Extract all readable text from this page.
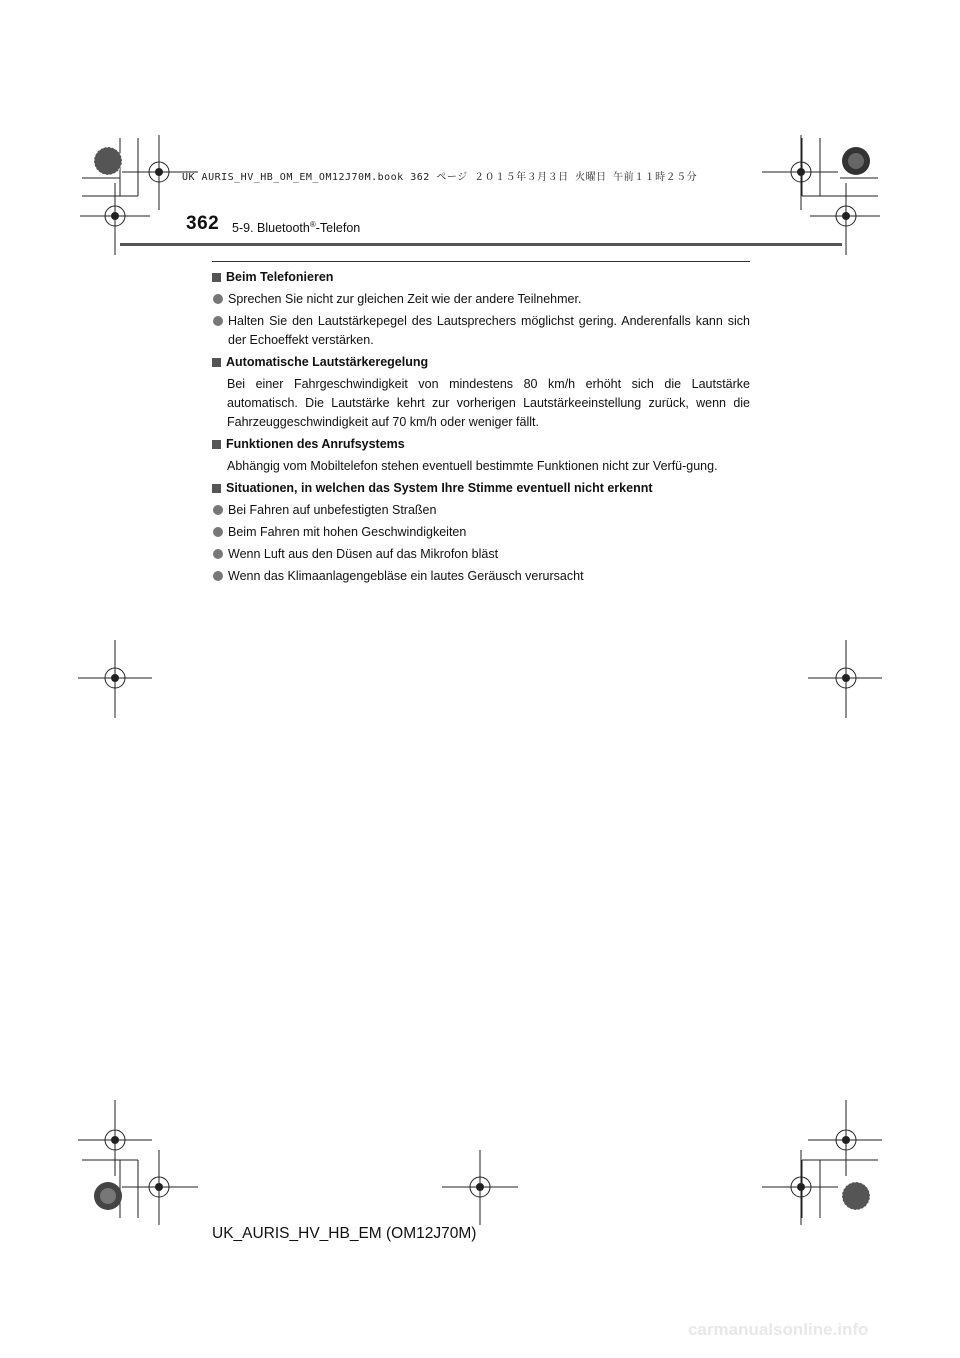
UK AURIS_HV_HB_OM_EM_OM12J70M.book 362 ページ ２０１５年３月３日 火曜日 午前１１時２５分
362 5-9. Bluetooth®-Telefon
Beim Telefonieren
Sprechen Sie nicht zur gleichen Zeit wie der andere Teilnehmer.
Halten Sie den Lautstärkepegel des Lautsprechers möglichst gering. Anderenfalls kann sich der Echoeffekt verstärken.
Automatische Lautstärkeregelung
Bei einer Fahrgeschwindigkeit von mindestens 80 km/h erhöht sich die Lautstärke automatisch. Die Lautstärke kehrt zur vorherigen Lautstärkeeinstellung zurück, wenn die Fahrzeuggeschwindigkeit auf 70 km/h oder weniger fällt.
Funktionen des Anrufsystems
Abhängig vom Mobiltelefon stehen eventuell bestimmte Funktionen nicht zur Verfü-gung.
Situationen, in welchen das System Ihre Stimme eventuell nicht erkennt
Bei Fahren auf unbefestigten Straßen
Beim Fahren mit hohen Geschwindigkeiten
Wenn Luft aus den Düsen auf das Mikrofon bläst
Wenn das Klimaanlagengebläse ein lautes Geräusch verursacht
UK_AURIS_HV_HB_EM (OM12J70M)
carmanualsonline.info
